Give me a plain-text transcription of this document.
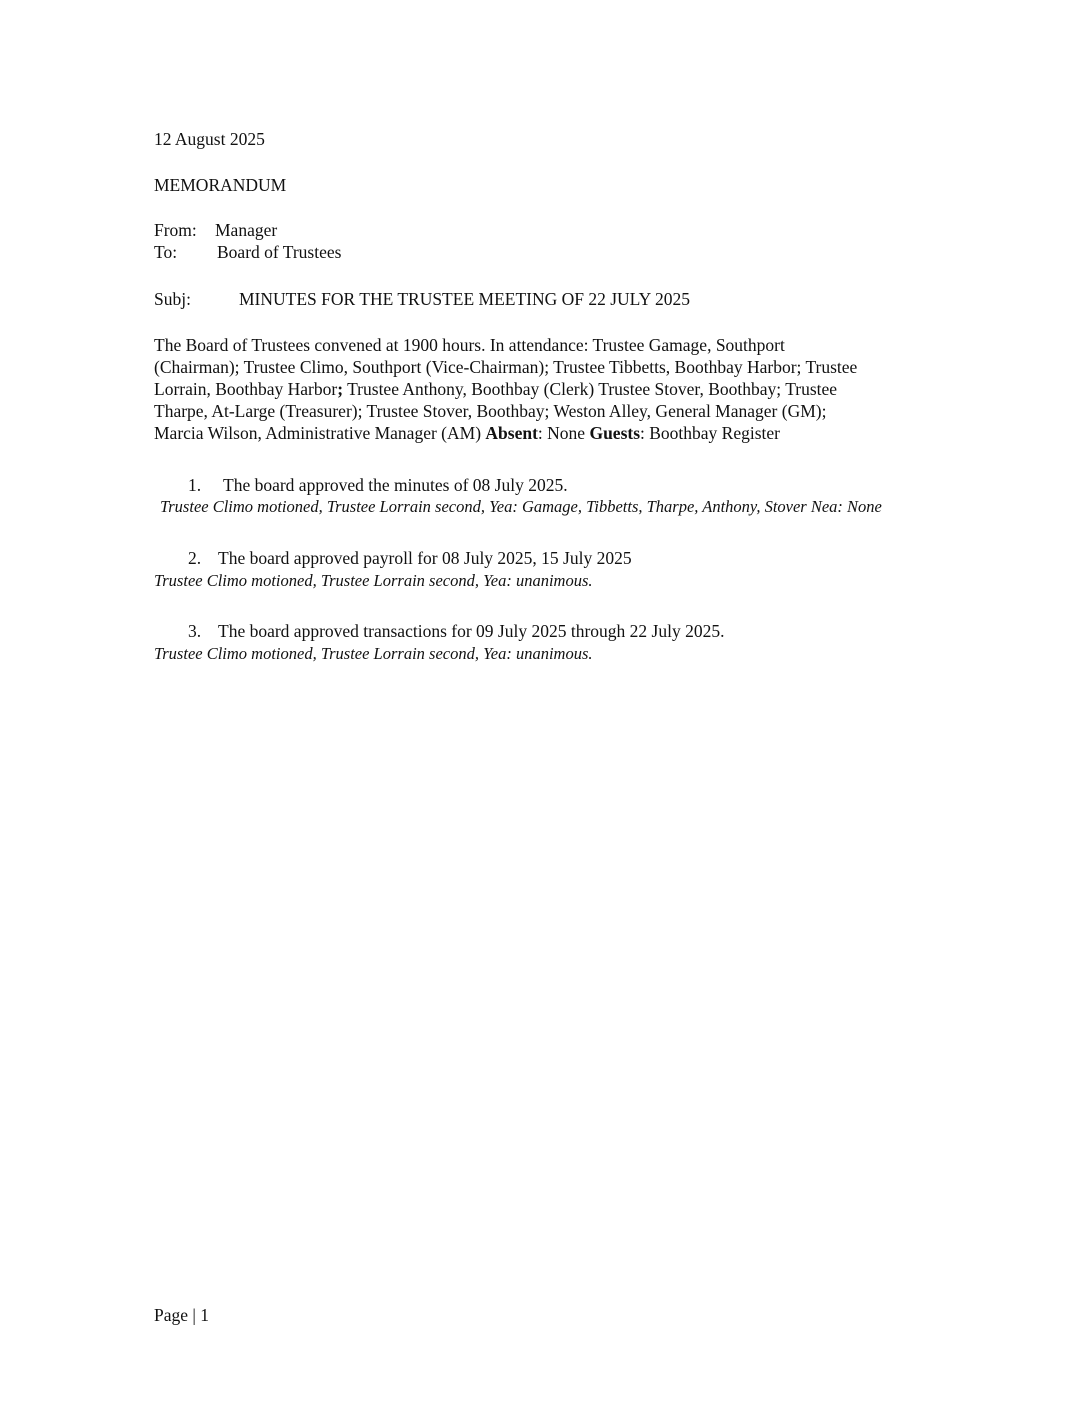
12 August 2025
MEMORANDUM
From: Manager
To: Board of Trustees
Subj:	MINUTES FOR THE TRUSTEE MEETING OF 22 JULY 2025

The Board of Trustees convened at 1900 hours. In attendance: Trustee Gamage, Southport

(Chairman); Trustee Climo, Southport (Vice-Chairman); Trustee Tibbetts, Boothbay Harbor; Trustee

Lorrain, Boothbay Harbor; Trustee Anthony, Boothbay (Clerk) Trustee Stover, Boothbay; Trustee

Tharpe, At-Large (Treasurer); Trustee Stover, Boothbay; Weston Alley, General Manager (GM);

Marcia Wilson, Administrative Manager (AM) Absent: None Guests: Boothbay Register

1. The board approved the minutes of 08 July 2025.
Trustee Climo motioned, Trustee Lorrain second, Yea: Gamage, Tibbetts, Tharpe, Anthony, Stover Nea: None
2. The board approved payroll for 08 July 2025, 15 July 2025
Trustee Climo motioned, Trustee Lorrain second, Yea: unanimous.
3. The board approved transactions for 09 July 2025 through 22 July 2025.
Trustee Climo motioned, Trustee Lorrain second, Yea: unanimous.
Page | 1
